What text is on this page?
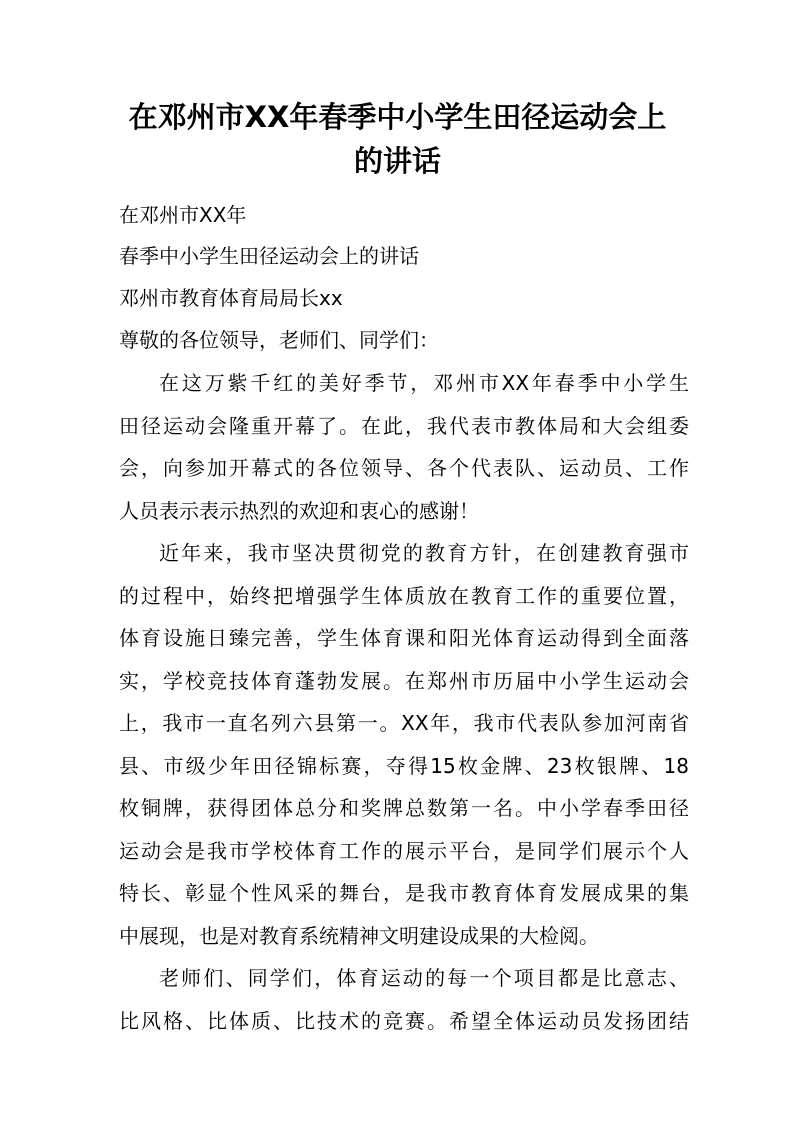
在邓州市XX年春季中小学生田径运动会上
的讲话

在邓州市XX年

春季中小学生田径运动会上的讲话

邓州市教育体育局局长xx

尊敬的各位领导，老师们、同学们：

在这万紫千红的美好季节，邓州市XX年春季中小学生

田径运动会隆重开幕了。在此，我代表市教体局和大会组委

会，向参加开幕式的各位领导、各个代表队、运动员、工作

人员表示表示热烈的欢迎和衷心的感谢！

近年来，我市坚决贯彻党的教育方针，在创建教育强市

的过程中，始终把增强学生体质放在教育工作的重要位置，

体育设施日臻完善，学生体育课和阳光体育运动得到全面落

实，学校竞技体育蓬勃发展。在郑州市历届中小学生运动会

上，我市一直名列六县第一。XX年，我市代表队参加河南省

县、市级少年田径锦标赛，夺得15枚金牌、23枚银牌、18

枚铜牌，获得团体总分和奖牌总数第一名。中小学春季田径

运动会是我市学校体育工作的展示平台，是同学们展示个人

特长、彰显个性风采的舞台，是我市教育体育发展成果的集

中展现，也是对教育系统精神文明建设成果的大检阅。

老师们、同学们，体育运动的每一个项目都是比意志、

比风格、比体质、比技术的竞赛。希望全体运动员发扬团结
